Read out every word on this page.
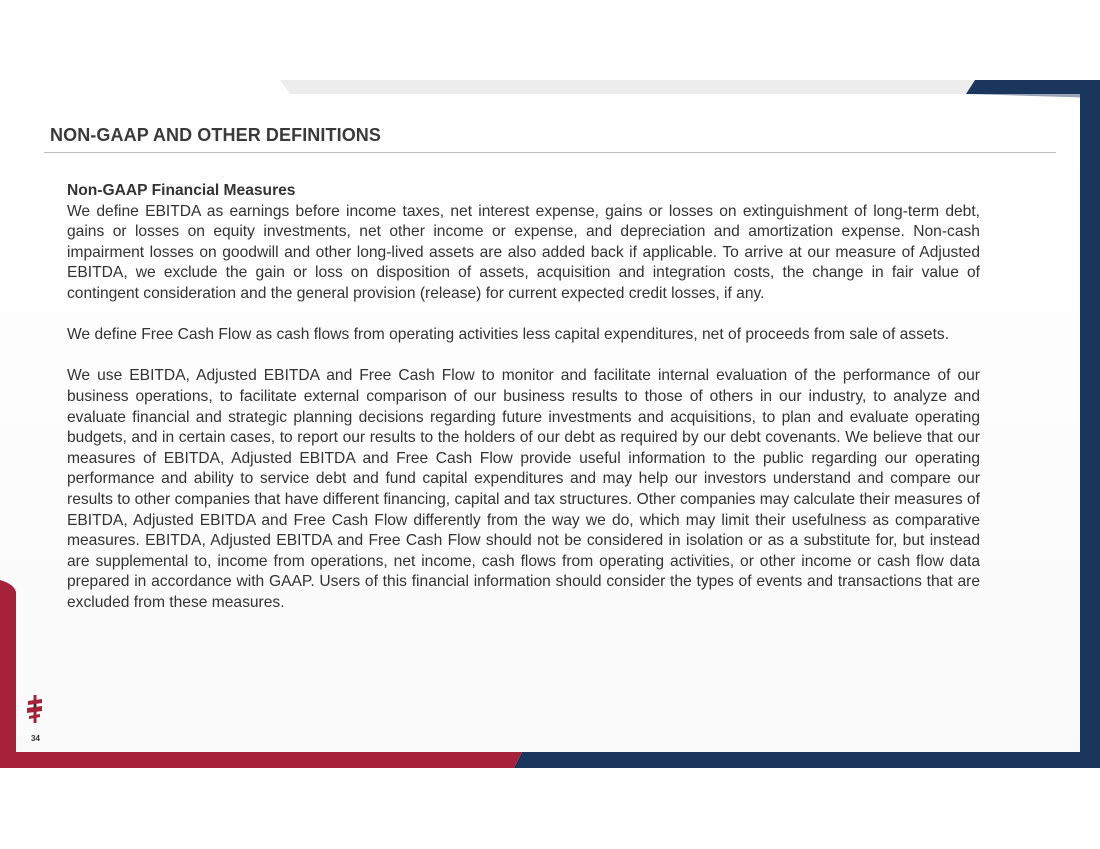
NON-GAAP AND OTHER DEFINITIONS
Non-GAAP Financial Measures

We define EBITDA as earnings before income taxes, net interest expense, gains or losses on extinguishment of long-term debt, gains or losses on equity investments, net other income or expense, and depreciation and amortization expense. Non-cash impairment losses on goodwill and other long-lived assets are also added back if applicable. To arrive at our measure of Adjusted EBITDA, we exclude the gain or loss on disposition of assets, acquisition and integration costs, the change in fair value of contingent consideration and the general provision (release) for current expected credit losses, if any.

We define Free Cash Flow as cash flows from operating activities less capital expenditures, net of proceeds from sale of assets.

We use EBITDA, Adjusted EBITDA and Free Cash Flow to monitor and facilitate internal evaluation of the performance of our business operations, to facilitate external comparison of our business results to those of others in our industry, to analyze and evaluate financial and strategic planning decisions regarding future investments and acquisitions, to plan and evaluate operating budgets, and in certain cases, to report our results to the holders of our debt as required by our debt covenants. We believe that our measures of EBITDA, Adjusted EBITDA and Free Cash Flow provide useful information to the public regarding our operating performance and ability to service debt and fund capital expenditures and may help our investors understand and compare our results to other companies that have different financing, capital and tax structures. Other companies may calculate their measures of EBITDA, Adjusted EBITDA and Free Cash Flow differently from the way we do, which may limit their usefulness as comparative measures. EBITDA, Adjusted EBITDA and Free Cash Flow should not be considered in isolation or as a substitute for, but instead are supplemental to, income from operations, net income, cash flows from operating activities, or other income or cash flow data prepared in accordance with GAAP. Users of this financial information should consider the types of events and transactions that are excluded from these measures.

34
